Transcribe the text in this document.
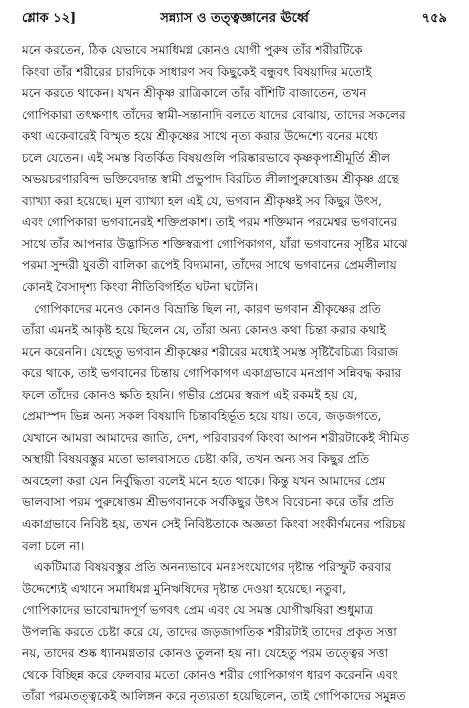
শ্লোক ১২]	সন্ন্যাস ও তত্ত্বজ্ঞানের ঊর্ধ্বে	৭৫৯

মনে করতেন, ঠিক যেভাবে সমাধিমগ্ন কোনও যোগী পুরুষ তাঁর শরীরটিকে
কিংবা তাঁর শরীরের চারদিকে সাধারণ সব কিছুকেই বন্ধুবৎ বিষয়াদির মতোই
মনে করতে থাকেন। যখন শ্রীকৃষ্ণ রাত্রিকালে তাঁর বাঁশিটি বাজাতেন, তখন
গোপিকারা তৎক্ষণাৎ তাঁদের স্বামী-সন্তানাদি বলতে যাদের বোঝায়, তাদের সকলের
কথা একেবারেই বিস্মৃত হয়ে শ্রীকৃষ্ণের সাথে নৃত্য করার উদ্দেশ্যে বনের মধ্যে
চলে যেতেন। এই সমস্ত বিতর্কিত বিষয়গুলি পরিষ্কারভাবে কৃষ্ণকৃপাশ্রীমূর্তি শ্রীল
অভয়চরণারবিন্দ ভক্তিবেদান্ত স্বামী প্রভুপাদ বিরচিত লীলাপুরুষোত্তম শ্রীকৃষ্ণ গ্রন্থে
ব্যাখ্যা করা হয়েছে। মূল ব্যাখ্যা হল এই যে, ভগবান শ্রীকৃষ্ণই সব কিছুর উৎস,
এবং গোপিকারা ভগবানেরই শক্তিপ্রকাশ। তাই পরম শক্তিমান পরমেশ্বর ভগবানের
সাথে তাঁর আপনার উদ্ভাসিত শক্তিস্বরূপা গোপিকাগণ, যাঁরা ভগবানের সৃষ্টির মাঝে
পরমা সুন্দরী যুবতী বালিকা রূপেই বিদ্যমানা, তাঁদের সাথে ভগবানের প্রেমলীলায়
কোনই বৈসাদৃশ্য কিংবা নীতিবিগর্হিত ঘটনা ঘটেনি।

গোপিকাদের মনেও কোনও বিভ্রান্তি ছিল না, কারণ ভগবান শ্রীকৃষ্ণের প্রতি
তাঁরা এমনই আকৃষ্ট হয়ে ছিলেন যে, তাঁরা অন্য কোনও কথা চিন্তা করার কথাই
মনে করেননি। যেহেতু ভগবান শ্রীকৃষ্ণের শরীরের মধ্যেই সমস্ত সৃষ্টিবৈচিত্র্য বিরাজ
করে থাকে, তাই ভগবানের চিন্তায় গোপিকাগণ একাগ্রভাবে মনপ্রাণ সন্নিবদ্ধ করার
ফলে তাঁদের কোনও ক্ষতি হয়নি। গভীর প্রেমের স্বরূপ এই রকমই হয় যে,
প্রেমাস্পদ ভিন্ন অন্য সকল বিষয়াদি চিন্তাবহির্ভূত হয়ে যায়। তবে, জড়জগতে,
যেখানে আমরা আমাদের জাতি, দেশ, পরিবারবর্গ কিংবা আপন শরীরটাকেই সীমিত
অস্থায়ী বিষয়বস্তুর মতো ভালবাসতে চেষ্টা করি, তখন অন্য সব কিছুর প্রতি
অবহেলা করা যেন নির্বুদ্ধিতা বলেই মনে হতে থাকে। কিন্তু যখন আমাদের প্রেম
ভালবাসা পরম পুরুষোত্তম শ্রীভগবানকে সর্বকিছুর উৎস বিবেচনা করে তাঁর প্রতি
একাগ্রভাবে নিবিষ্ট হয়, তখন সেই নিবিষ্টতাকে অজ্ঞতা কিংবা সংকীর্ণমনের পরিচয়
বলা চলে না।

একটিমাত্র বিষয়বস্তুর প্রতি অনন্যভাবে মনঃসংযোগের দৃষ্টান্ত পরিস্ফুট করবার
উদ্দেশ্যেই এখানে সমাধিমগ্ন মুনিঋষিদের দৃষ্টান্ত দেওয়া হয়েছে। নতুবা,
গোপিকাদের ভাবোন্মাদপূর্ণ ভগবৎ প্রেম এবং যে সমস্ত যোগীঋষিরা শুধুমাত্র
উপলব্ধি করতে চেষ্টা করে যে, তাদের জড়জাগতিক শরীরটাই তাদের প্রকৃত সত্তা
নয়, তাদের শুষ্ক ধ্যানমগ্নতার কোনও তুলনা হয় না। যেহেতু পরম তত্ত্বের সত্তা
থেকে বিচ্ছিন্ন করে ফেলবার মতো কোনও শরীর গোপিকাগণ ধারণ করেননি এবং
তাঁরা পরমতত্ত্বকেই আলিঙ্গন করে নৃত্যরতা হয়েছিলেন, তাই গোপিকাদের সমুন্নত
